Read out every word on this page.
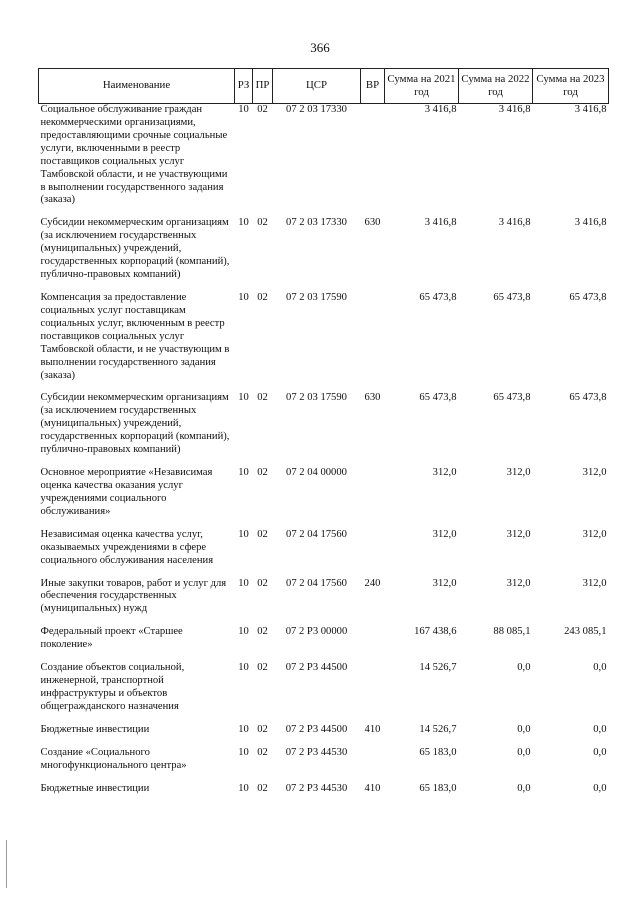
366
Наименование	РЗ	ПР	ЦСР	ВР	Сумма на 2021 год	Сумма на 2022 год	Сумма на 2023 год
Социальное обслуживание граждан некоммерческими организациями, предоставляющими срочные социальные услуги, включенными в реестр поставщиков социальных услуг Тамбовской области, и не участвующими в выполнении государственного задания (заказа)	10	02	07 2 03 17330		3 416,8	3 416,8	3 416,8

Субсидии некоммерческим организациям (за исключением государственных (муниципальных) учреждений, государственных корпораций (компаний), публично-правовых компаний)	10	02	07 2 03 17330	630	3 416,8	3 416,8	3 416,8

Компенсация за предоставление социальных услуг поставщикам социальных услуг, включенным в реестр поставщиков социальных услуг Тамбовской области, и не участвующим в выполнении государственного задания (заказа)	10	02	07 2 03 17590		65 473,8	65 473,8	65 473,8

Субсидии некоммерческим организациям (за исключением государственных (муниципальных) учреждений, государственных корпораций (компаний), публично-правовых компаний)	10	02	07 2 03 17590	630	65 473,8	65 473,8	65 473,8

Основное мероприятие «Независимая оценка качества оказания услуг учреждениями социального обслуживания»	10	02	07 2 04 00000		312,0	312,0	312,0

Независимая оценка качества услуг, оказываемых учреждениями в сфере социального обслуживания населения	10	02	07 2 04 17560		312,0	312,0	312,0

Иные закупки товаров, работ и услуг для обеспечения государственных (муниципальных) нужд	10	02	07 2 04 17560	240	312,0	312,0	312,0

Федеральный проект «Старшее поколение»	10	02	07 2 P3 00000		167 438,6	88 085,1	243 085,1

Создание объектов социальной, инженерной, транспортной инфраструктуры и объектов общегражданского назначения	10	02	07 2 P3 44500		14 526,7	0,0	0,0

Бюджетные инвестиции	10	02	07 2 P3 44500	410	14 526,7	0,0	0,0

Создание «Социального многофункционального центра»	10	02	07 2 P3 44530		65 183,0	0,0	0,0

Бюджетные инвестиции	10	02	07 2 P3 44530	410	65 183,0	0,0	0,0
